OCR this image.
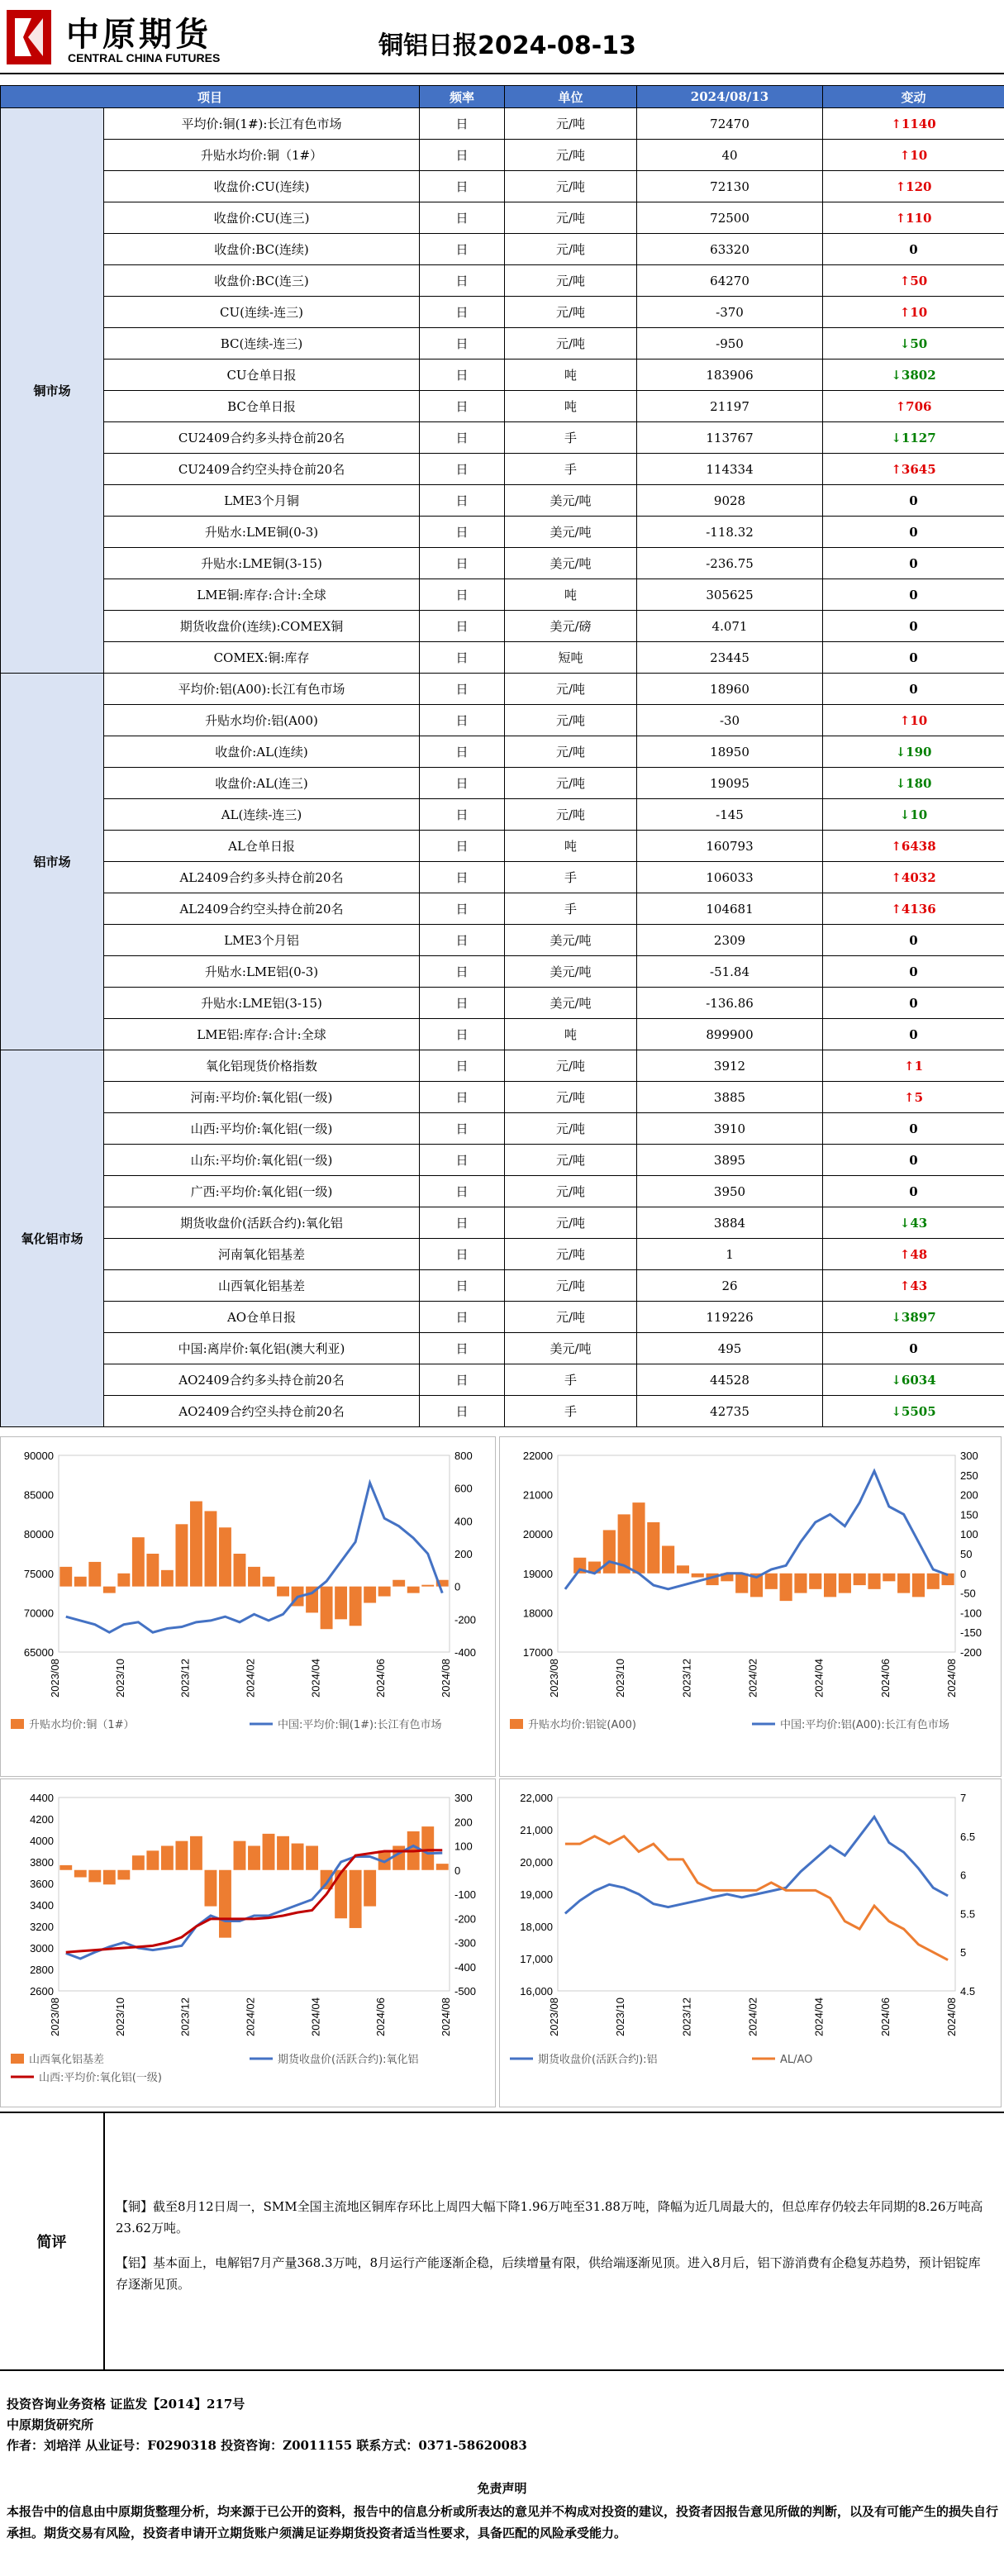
中原期货
CENTRAL CHINA FUTURES	铜铝日报2024-08-13
项目		频率	单位	2024/08/13	变动
铜市场	平均价:铜(1#):长江有色市场	日	元/吨	72470	↑1140
	升贴水均价:铜（1#）	日	元/吨	40	↑10
	收盘价:CU(连续)	日	元/吨	72130	↑120
	收盘价:CU(连三)	日	元/吨	72500	↑110
	收盘价:BC(连续)	日	元/吨	63320	0
	收盘价:BC(连三)	日	元/吨	64270	↑50
	CU(连续-连三)	日	元/吨	-370	↑10
	BC(连续-连三)	日	元/吨	-950	↓50
	CU仓单日报	日	吨	183906	↓3802
	BC仓单日报	日	吨	21197	↑706
	CU2409合约多头持仓前20名	日	手	113767	↓1127
	CU2409合约空头持仓前20名	日	手	114334	↑3645
	LME3个月铜	日	美元/吨	9028	0
	升贴水:LME铜(0-3)	日	美元/吨	-118.32	0
	升贴水:LME铜(3-15)	日	美元/吨	-236.75	0
	LME铜:库存:合计:全球	日	吨	305625	0
	期货收盘价(连续):COMEX铜	日	美元/磅	4.071	0
	COMEX:铜:库存	日	短吨	23445	0
铝市场	平均价:铝(A00):长江有色市场	日	元/吨	18960	0
	升贴水均价:铝(A00)	日	元/吨	-30	↑10
	收盘价:AL(连续)	日	元/吨	18950	↓190
	收盘价:AL(连三)	日	元/吨	19095	↓180
	AL(连续-连三)	日	元/吨	-145	↓10
	AL仓单日报	日	吨	160793	↑6438
	AL2409合约多头持仓前20名	日	手	106033	↑4032
	AL2409合约空头持仓前20名	日	手	104681	↑4136
	LME3个月铝	日	美元/吨	2309	0
	升贴水:LME铝(0-3)	日	美元/吨	-51.84	0
	升贴水:LME铝(3-15)	日	美元/吨	-136.86	0
	LME铝:库存:合计:全球	日	吨	899900	0
氧化铝市场	氧化铝现货价格指数	日	元/吨	3912	↑1
	河南:平均价:氧化铝(一级)	日	元/吨	3885	↑5
	山西:平均价:氧化铝(一级)	日	元/吨	3910	0
	山东:平均价:氧化铝(一级)	日	元/吨	3895	0
	广西:平均价:氧化铝(一级)	日	元/吨	3950	0
	期货收盘价(活跃合约):氧化铝	日	元/吨	3884	↓43
	河南氧化铝基差	日	元/吨	1	↑48
	山西氧化铝基差	日	元/吨	26	↑43
	AO仓单日报	日	元/吨	119226	↓3897
	中国:离岸价:氧化铝(澳大利亚)	日	美元/吨	495	0
	AO2409合约多头持仓前20名	日	手	44528	↓6034
	AO2409合约空头持仓前20名	日	手	42735	↓5505
90000
85000
80000
75000
70000
65000
800
600
400
200
0
-200
-400
2023/08	2023/10	2023/12	2024/02	2024/04	2024/06	2024/08
升贴水均价:铜（1#）	中国:平均价:铜(1#):长江有色市场
22000
21000
20000
19000
18000
17000
300
250
200
150
100
50
0
-50
-100
-150
-200
2023/08	2023/10	2023/12	2024/02	2024/04	2024/06	2024/08
升贴水均价:铝锭(A00)	中国:平均价:铝(A00):长江有色市场
4400
4200
4000
3800
3600
3400
3200
3000
2800
2600
300
200
100
0
-100
-200
-300
-400
-500
2023/08	2023/10	2023/12	2024/02	2024/04	2024/06	2024/08
山西氧化铝基差	期货收盘价(活跃合约):氧化铝
山西:平均价:氧化铝(一级)
22,000
21,000
20,000
19,000
18,000
17,000
16,000
7
6.5
6
5.5
5
4.5
2023/08	2023/10	2023/12	2024/02	2024/04	2024/06	2024/08
期货收盘价(活跃合约):铝	AL/AO
简评
【铜】截至8月12日周一，SMM全国主流地区铜库存环比上周四大幅下降1.96万吨至31.88万吨，降幅为近几周最大的，但总库存仍较去年同期的8.26万吨高23.62万吨。
【铝】基本面上，电解铝7月产量368.3万吨，8月运行产能逐渐企稳，后续增量有限，供给端逐渐见顶。进入8月后，铝下游消费有企稳复苏趋势，预计铝锭库存逐渐见顶。
投资咨询业务资格 证监发【2014】217号
中原期货研究所
作者：刘培洋 从业证号：F0290318 投资咨询：Z0011155 联系方式：0371-58620083
免责声明
本报告中的信息由中原期货整理分析，均来源于已公开的资料，报告中的信息分析或所表达的意见并不构成对投资的建议，投资者因报告意见所做的判断，以及有可能产生的损失自行承担。期货交易有风险，投资者申请开立期货账户须满足证券期货投资者适当性要求，具备匹配的风险承受能力。
